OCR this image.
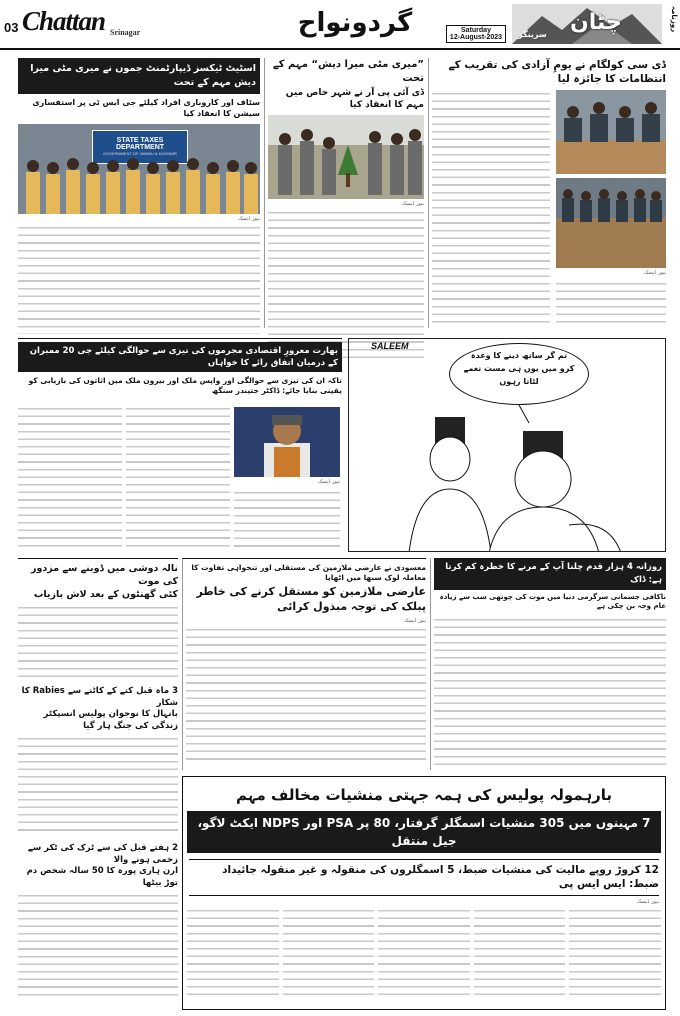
03 Chattan Srinagar	گردونواح	Saturday
12-August-2023
چٹان
سرینگر
روزنامہ
اسٹیٹ ٹیکسز ڈیپارٹمنٹ جموں نے میری مٹی میرا دیش مہم کے تحت
سٹاف اور کاروباری افراد کیلئے جی ایس ٹی پر استفساری سیشن کا انعقاد کیا
STATE TAXES DEPARTMENT
GOVERNMENT OF JAMMU & KASHMIR
نیوز ڈیسک
”میری مٹی میرا دیش“ مہم کے تحت
ڈی آئی پی آر نے شہر خاص میں مہم کا انعقاد کیا
نیوز ڈیسک
ڈی سی کولگام نے یومِ آزادی کی تقریب کے انتظامات کا جائزہ لیا
نیوز ڈیسک
بھارت معرورِ اقتصادی مجرموں کی تیزی سے حوالگی کیلئے جی 20 ممبران کے درمیان اتفاق رائے کا خواہاں
تاکہ ان کی تیزی سے حوالگی اور واپس ملک اور بیرون ملک میں اثاثوں کی بازیابی کو یقینی بنایا جائے: ڈاکٹر جتیندر سنگھ
نیوز ڈیسک
SALEEM
تم گر ساتھ دینے کا وعدہ کرو میں یوں ہی مست نغمے لٹاتا رہوں
نالہ دوشی میں ڈوبنے سے مزدور کی موت
کئی گھنٹوں کے بعد لاش بازیاب
3 ماہ قبل کتے کے کاٹنے سے Rabies کا شکار
بانہال کا نوجوان پولیس انسپکٹر زندگی کی جنگ ہار گیا
2 ہفتے قبل کی سے ٹرک کی ٹکر سے زخمی ہونے والا
ارن ہاری پورہ کا 50 سالہ شخص دم توڑ بیٹھا
معسودی نے عارضی ملازمین کی مستقلی اور تنخواہی تفاوت کا معاملہ لوک سبھا میں اٹھایا
عارضی ملازمین کو مستقل کرنے کی خاطر پبلک کی توجہ مبذول کرائی
نیوز ڈیسک
روزانہ 4 ہزار قدم چلنا آپ کے مرنے کا خطرہ کم کرتا ہے: ڈاک
ناکافی جسمانی سرگرمی دنیا میں موت کی چوتھی سب سے زیادہ عام وجہ بن چکی ہے
بارہمولہ پولیس کی ہمہ جہتی منشیات مخالف مہم
7 مہینوں میں 305 منشیات اسمگلر گرفتار، 80 پر PSA اور NDPS ایکٹ لاگو، جیل منتقل
12 کروڑ روپے مالیت کی منشیات ضبط، 5 اسمگلروں کی منقولہ و غیر منقولہ جائیداد ضبط: ایس ایس پی
نیوز ڈیسک
